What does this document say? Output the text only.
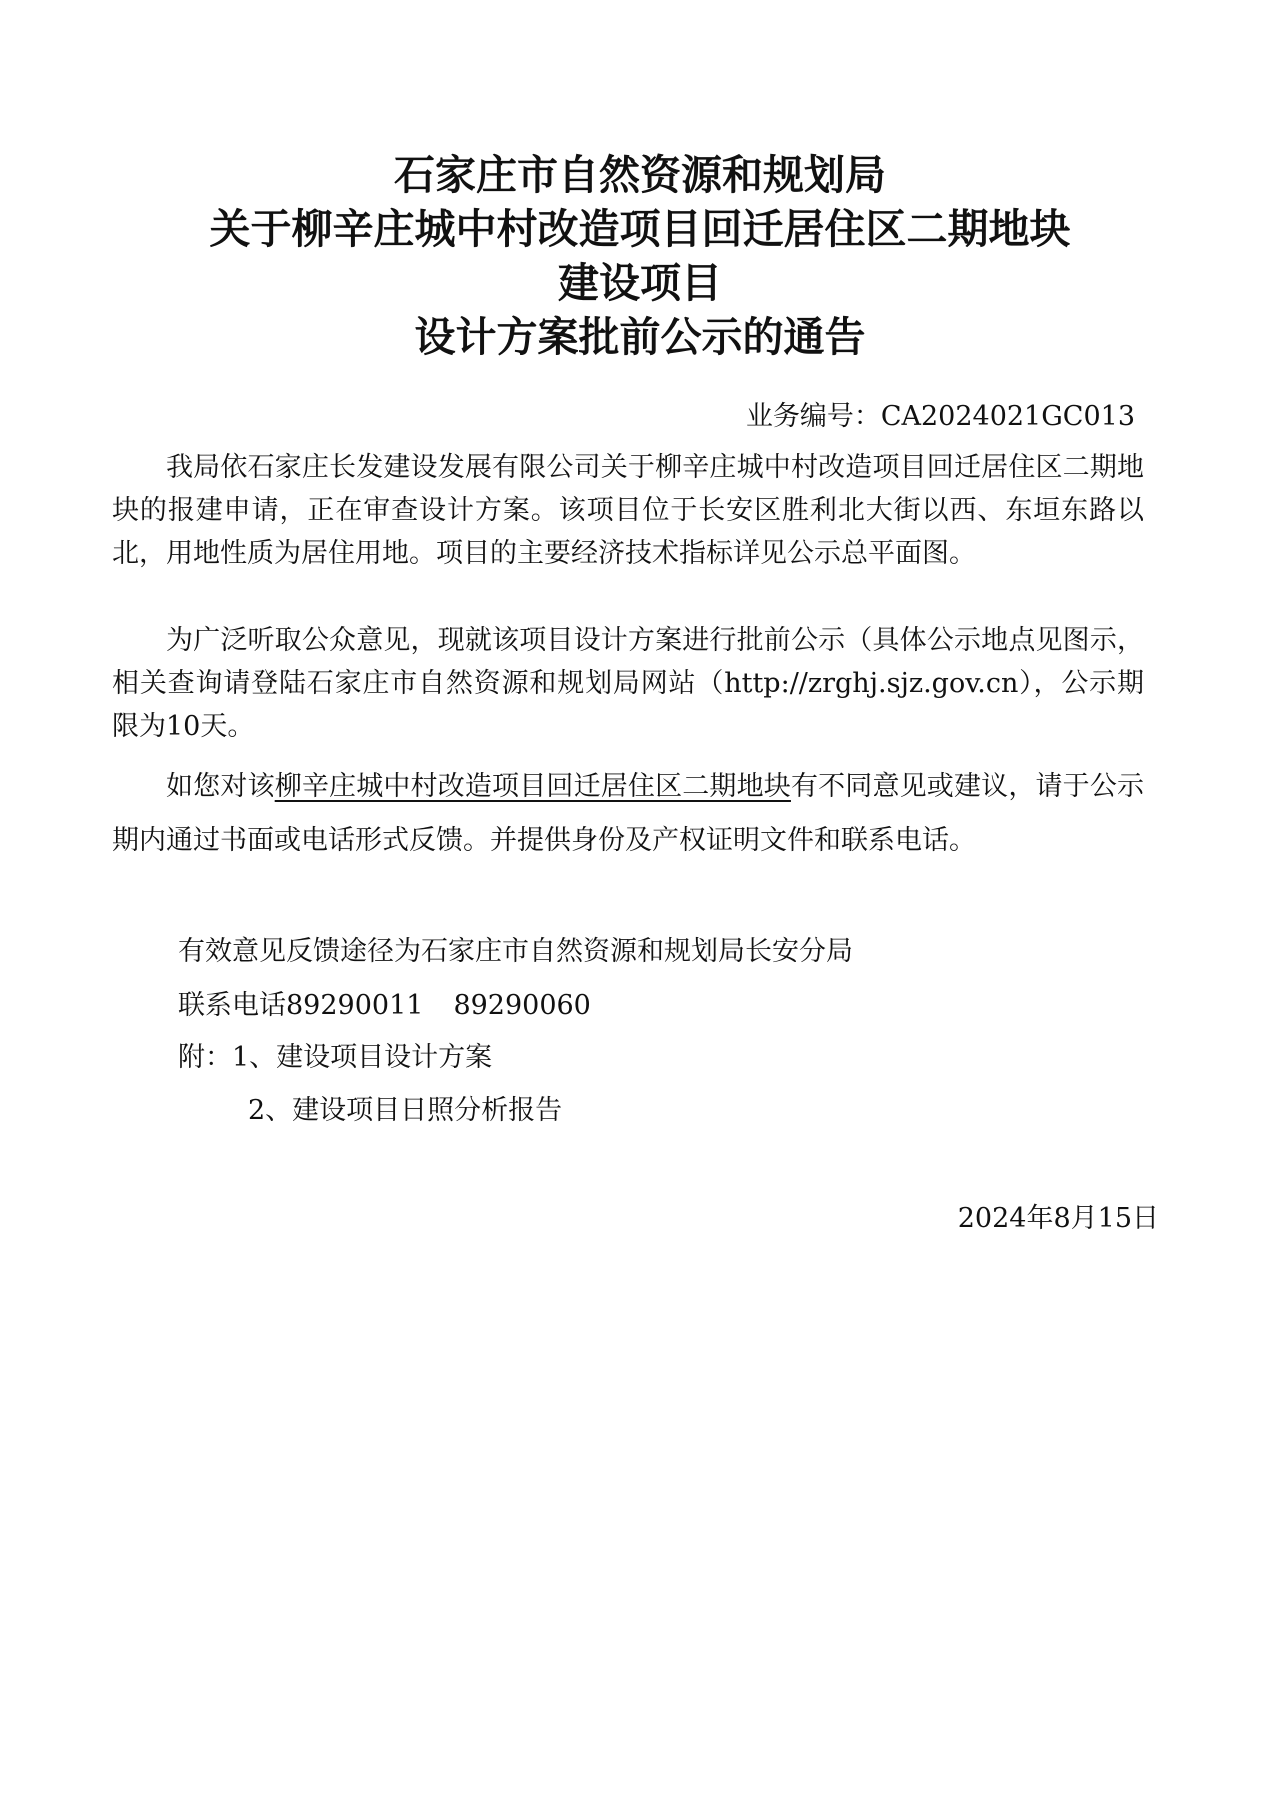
石家庄市自然资源和规划局
关于柳辛庄城中村改造项目回迁居住区二期地块
建设项目
设计方案批前公示的通告
业务编号：CA2024021GC013

我局依石家庄长发建设发展有限公司关于柳辛庄城中村改造项目回迁居住区二期地块的报建申请，正在审查设计方案。该项目位于长安区胜利北大街以西、东垣东路以北，用地性质为居住用地。项目的主要经济技术指标详见公示总平面图。

为广泛听取公众意见，现就该项目设计方案进行批前公示（具体公示地点见图示，相关查询请登陆石家庄市自然资源和规划局网站（http://zrghj.sjz.gov.cn），公示期限为10天。

如您对该柳辛庄城中村改造项目回迁居住区二期地块有不同意见或建议，请于公示期内通过书面或电话形式反馈。并提供身份及产权证明文件和联系电话。

有效意见反馈途径为石家庄市自然资源和规划局长安分局
联系电话89290011 89290060
附：1、建设项目设计方案
2、建设项目日照分析报告
2024年8月15日
